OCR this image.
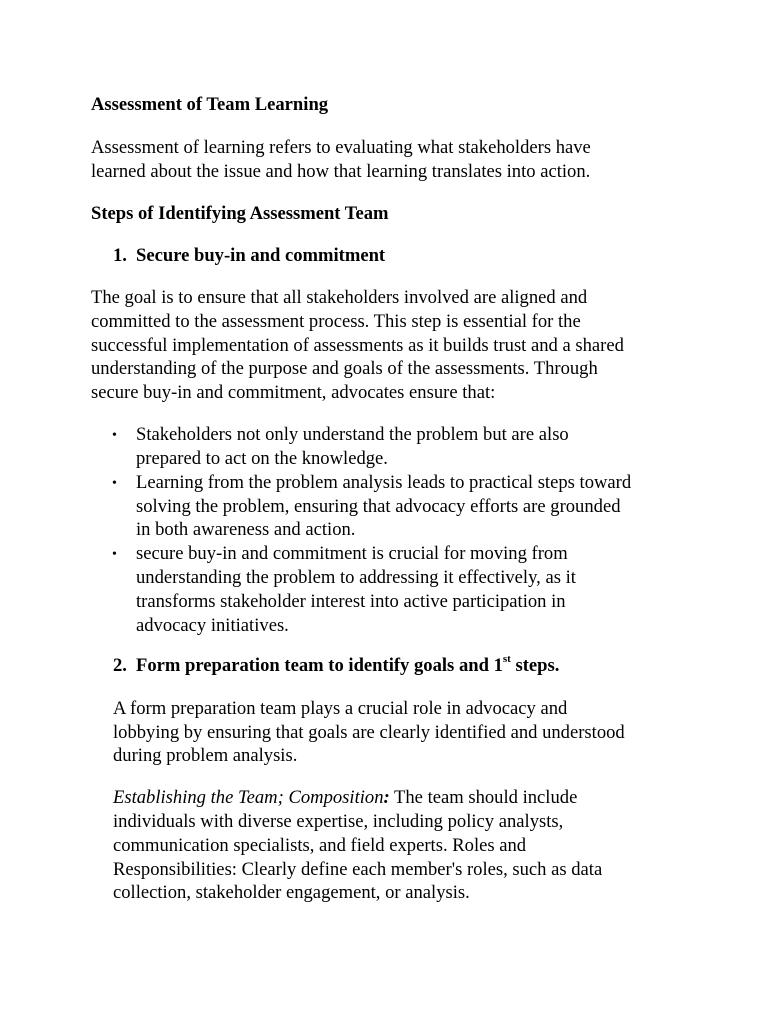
Assessment of Team Learning
Assessment of learning refers to evaluating what stakeholders have
learned about the issue and how that learning translates into action.
Steps of Identifying Assessment Team
1. Secure buy-in and commitment
The goal is to ensure that all stakeholders involved are aligned and
committed to the assessment process. This step is essential for the
successful implementation of assessments as it builds trust and a shared
understanding of the purpose and goals of the assessments. Through
secure buy-in and commitment, advocates ensure that:
• Stakeholders not only understand the problem but are also
prepared to act on the knowledge.
• Learning from the problem analysis leads to practical steps toward
solving the problem, ensuring that advocacy efforts are grounded
in both awareness and action.
• secure buy-in and commitment is crucial for moving from
understanding the problem to addressing it effectively, as it
transforms stakeholder interest into active participation in
advocacy initiatives.
2. Form preparation team to identify goals and 1st steps.
A form preparation team plays a crucial role in advocacy and
lobbying by ensuring that goals are clearly identified and understood
during problem analysis.
Establishing the Team; Composition: The team should include
individuals with diverse expertise, including policy analysts,
communication specialists, and field experts. Roles and
Responsibilities: Clearly define each member's roles, such as data
collection, stakeholder engagement, or analysis.
